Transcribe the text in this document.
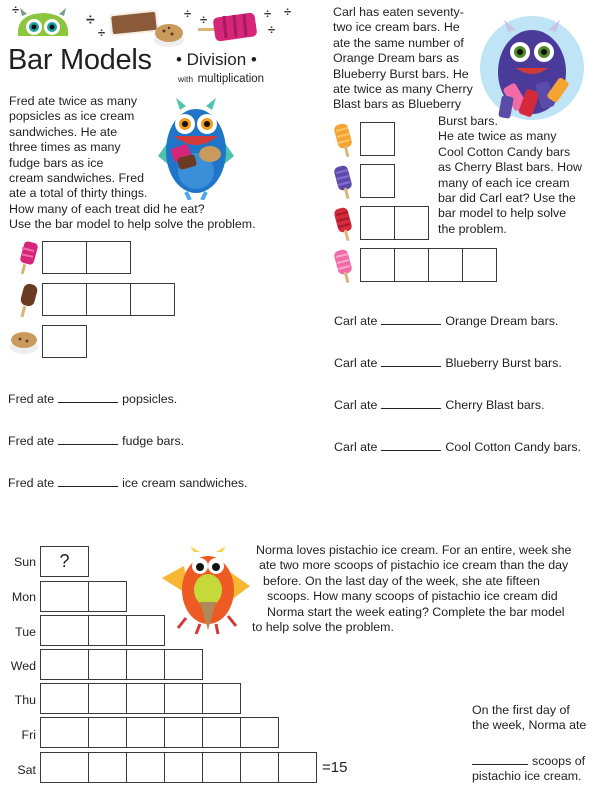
÷
÷
÷
÷ ÷	÷ ÷
÷
Bar Models • Division •
with multiplication
Fred ate twice as many
popsicles as ice cream
sandwiches. He ate
three times as many
fudge bars as ice
cream sandwiches. Fred
ate a total of thirty things.
How many of each treat did he eat?
Use the bar model to help solve the problem.
Fred ate	popsicles.
Fred ate	fudge bars.
Fred ate	ice cream sandwiches.
Carl has eaten seventy-
two ice cream bars. He
ate the same number of
Orange Dream bars as
Blueberry Burst bars. He
ate twice as many Cherry
Blast bars as Blueberry
Burst bars.
He ate twice as many
Cool Cotton Candy bars
as Cherry Blast bars. How
many of each ice cream
bar did Carl eat? Use the
bar model to help solve
the problem.
Carl ate	Orange Dream bars.
Carl ate	Blueberry Burst bars.
Carl ate	Cherry Blast bars.
Carl ate	Cool Cotton Candy bars.
Norma loves pistachio ice cream. For an entire, week she
ate two more scoops of pistachio ice cream than the day
before. On the last day of the week, she ate fifteen
scoops. How many scoops of pistachio ice cream did
Norma start the week eating? Complete the bar model
to help solve the problem.
Sun	?
Mon
Tue
Wed
Thu
Fri
Sat	=15
On the first day of
the week, Norma ate
scoops of
pistachio ice cream.
